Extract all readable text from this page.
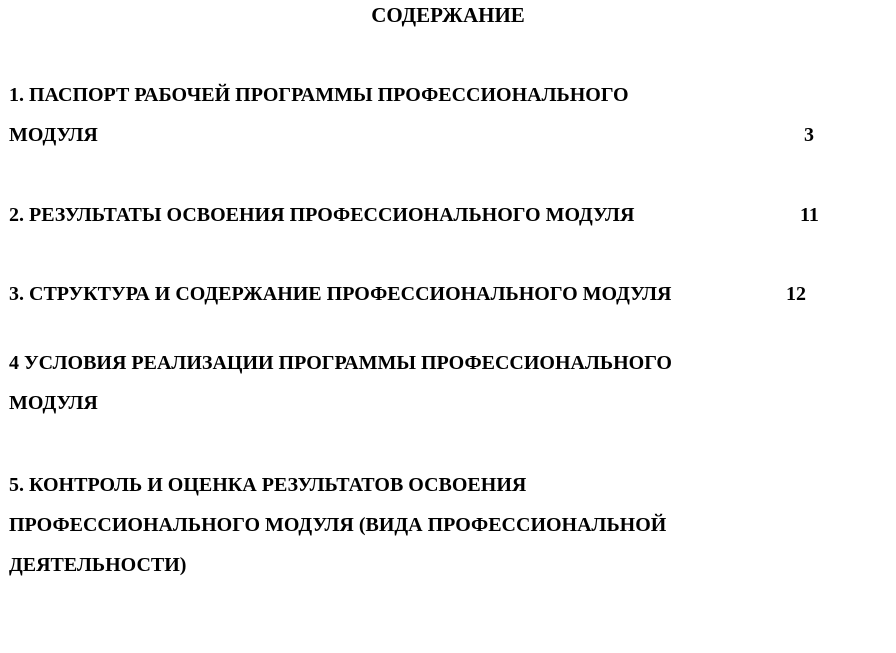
СОДЕРЖАНИЕ
1. ПАСПОРТ РАБОЧЕЙ ПРОГРАММЫ ПРОФЕССИОНАЛЬНОГО
МОДУЛЯ	3
2. РЕЗУЛЬТАТЫ ОСВОЕНИЯ ПРОФЕССИОНАЛЬНОГО МОДУЛЯ	11
3. СТРУКТУРА И СОДЕРЖАНИЕ ПРОФЕССИОНАЛЬНОГО МОДУЛЯ	12
4 УСЛОВИЯ РЕАЛИЗАЦИИ ПРОГРАММЫ ПРОФЕССИОНАЛЬНОГО
МОДУЛЯ
5. КОНТРОЛЬ И ОЦЕНКА РЕЗУЛЬТАТОВ ОСВОЕНИЯ
ПРОФЕССИОНАЛЬНОГО МОДУЛЯ (ВИДА ПРОФЕССИОНАЛЬНОЙ
ДЕЯТЕЛЬНОСТИ)
